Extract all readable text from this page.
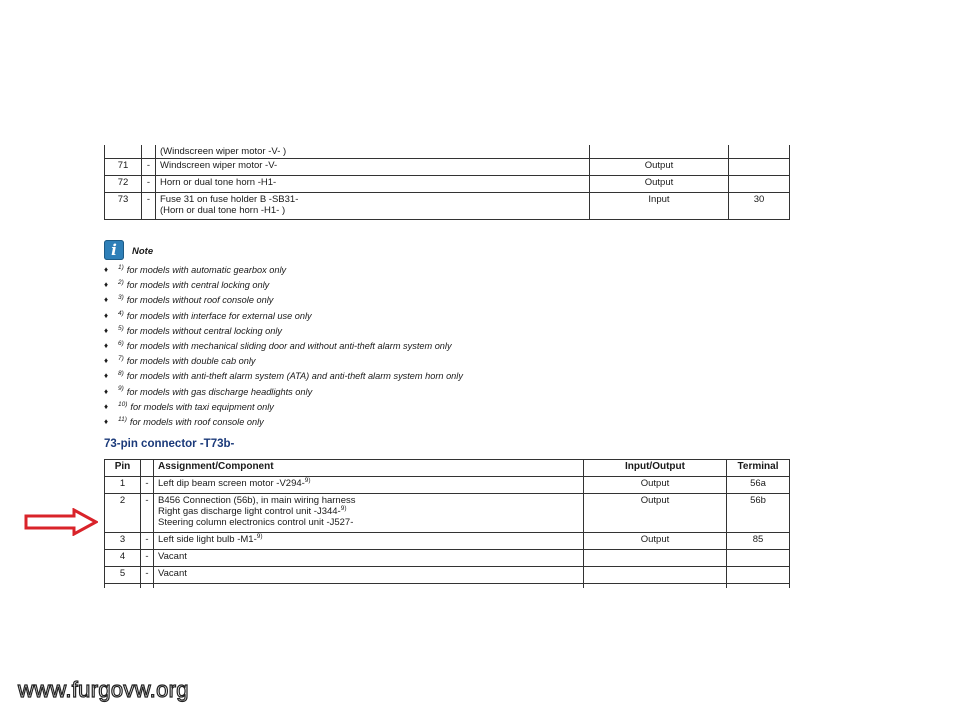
		(Windscreen wiper motor -V- )		
71	-	Windscreen wiper motor -V-	Output	
72	-	Horn or dual tone horn -H1-	Output	
73	-	Fuse 31 on fuse holder B -SB31-
(Horn or dual tone horn -H1- )	Input	30
i	Note
♦ $^{1)}$ for models with automatic gearbox only
♦ $^{2)}$ for models with central locking only
♦ $^{3)}$ for models without roof console only
♦ $^{4)}$ for models with interface for external use only
♦ $^{5)}$ for models without central locking only
♦ $^{6)}$ for models with mechanical sliding door and without anti-theft alarm system only
♦ $^{7)}$ for models with double cab only
♦ $^{8)}$ for models with anti-theft alarm system (ATA) and anti-theft alarm system horn only
♦ $^{9)}$ for models with gas discharge headlights only
♦ $^{10)}$ for models with taxi equipment only
♦ $^{11)}$ for models with roof console only
73-pin connector -T73b-
Pin		Assignment/Component	Input/Output	Terminal
1	-	Left dip beam screen motor -V294-$^{9)}$	Output	56a
2	-	B456 Connection (56b), in main wiring harness
Right gas discharge light control unit -J344-$^{9)}$
Steering column electronics control unit -J527-	Output	56b
3	-	Left side light bulb -M1-$^{9)}$	Output	85
4	-	Vacant		
5	-	Vacant		

www.furgovw.org
